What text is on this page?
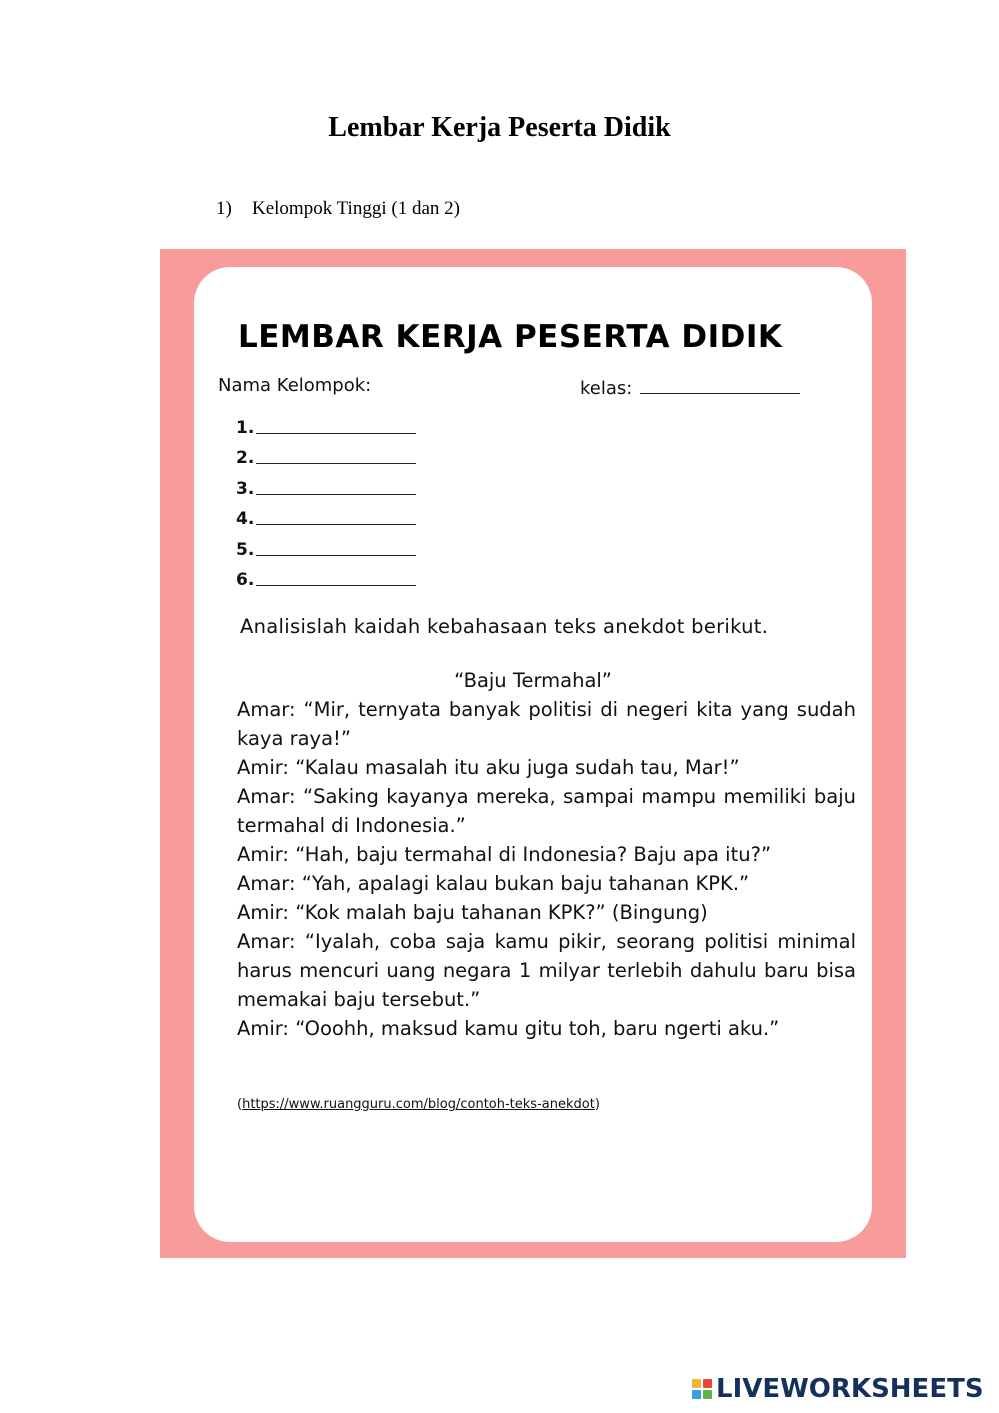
Lembar Kerja Peserta Didik
1) Kelompok Tinggi (1 dan 2)
LEMBAR KERJA PESERTA DIDIK
Nama Kelompok:	kelas:
1.
2.
3.
4.
5.
6.
Analisislah kaidah kebahasaan teks anekdot berikut.
“Baju Termahal”

Amar: “Mir, ternyata banyak politisi di negeri kita yang sudah kaya raya!”

Amir: “Kalau masalah itu aku juga sudah tau, Mar!”

Amar: “Saking kayanya mereka, sampai mampu memiliki baju termahal di Indonesia.”

Amir: “Hah, baju termahal di Indonesia? Baju apa itu?”

Amar: “Yah, apalagi kalau bukan baju tahanan KPK.”

Amir: “Kok malah baju tahanan KPK?” (Bingung)

Amar: “Iyalah, coba saja kamu pikir, seorang politisi minimal harus mencuri uang negara 1 milyar terlebih dahulu baru bisa memakai baju tersebut.”

Amir: “Ooohh, maksud kamu gitu toh, baru ngerti aku.”

(https://www.ruangguru.com/blog/contoh-teks-anekdot)
LIVEWORKSHEETS
